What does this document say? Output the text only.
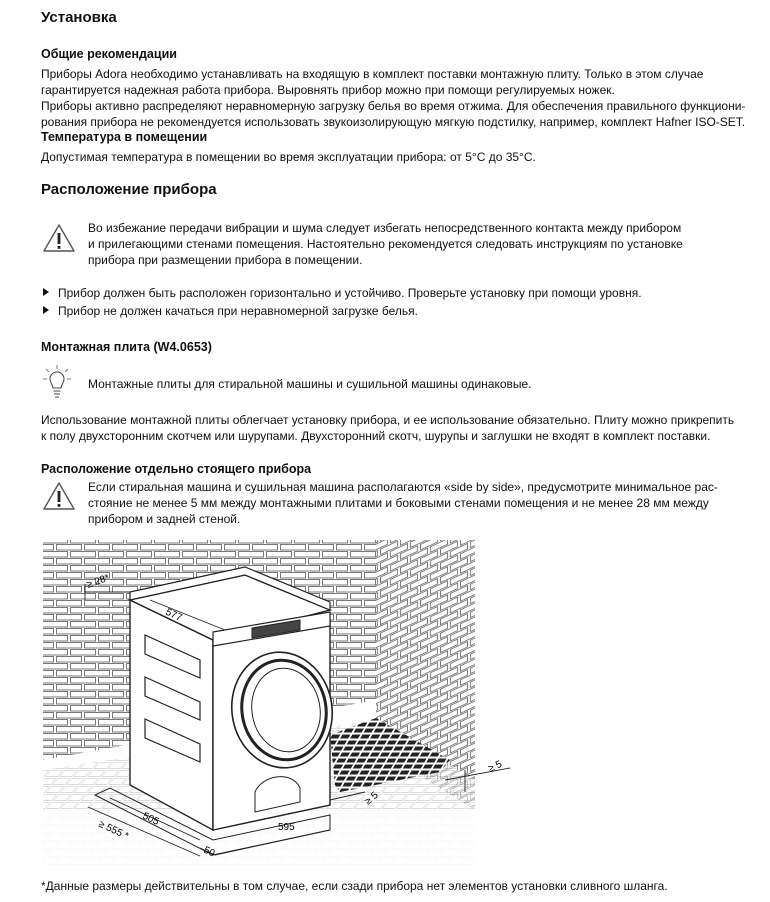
Установка
Общие рекомендации
Приборы Adora необходимо устанавливать на входящую в комплект поставки монтажную плиту. Только в этом случае
гарантируется надежная работа прибора. Выровнять прибор можно при помощи регулируемых ножек.
Приборы активно распределяют неравномерную загрузку белья во время отжима. Для обеспечения правильного функциони-
рования прибора не рекомендуется использовать звукоизолирующую мягкую подстилку, например, комплект Hafner ISO-SET.
Температура в помещении
Допустимая температура в помещении во время эксплуатации прибора: от 5°C до 35°C.
Расположение прибора
Во избежание передачи вибрации и шума следует избегать непосредственного контакта между прибором
и прилегающими стенами помещения. Настоятельно рекомендуется следовать инструкциям по установке
прибора при размещении прибора в помещении.
Прибор должен быть расположен горизонтально и устойчиво. Проверьте установку при помощи уровня.
Прибор не должен качаться при неравномерной загрузке белья.
Монтажная плита (W4.0653)
Монтажные плиты для стиральной машины и сушильной машины одинаковые.
Использование монтажной плиты облегчает установку прибора, и ее использование обязательно. Плиту можно прикрепить
к полу двухсторонним скотчем или шурупами. Двухсторонний скотч, шурупы и заглушки не входят в комплект поставки.
Расположение отдельно стоящего прибора
Если стиральная машина и сушильная машина располагаются «side by side», предусмотрите минимальное рас-
стояние не менее 5 мм между монтажными плитами и боковыми стенами помещения и не менее 28 мм между
прибором и задней стеной.
≥ 28*
577
505
≥ 555 *	595
50
≥ 5
≥ 5
*Данные размеры действительны в том случае, если сзади прибора нет элементов установки сливного шланга.
